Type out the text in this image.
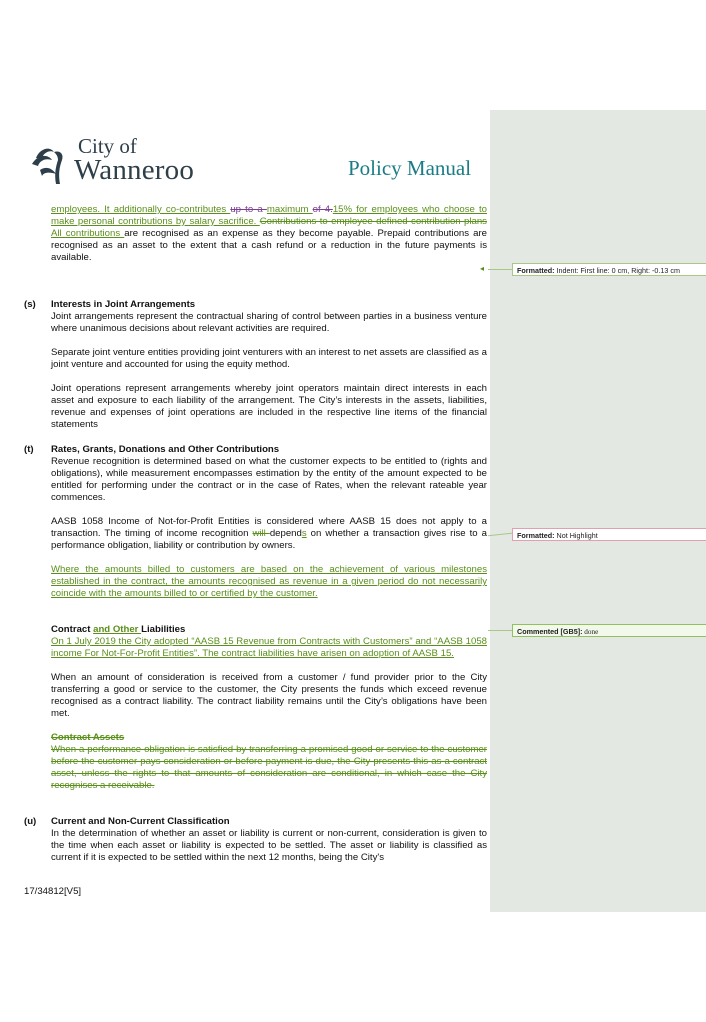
City of
Wanneroo	Policy Manual

employees. It additionally co-contributes up to a maximum of 4.15% for employees who choose to make personal contributions by salary sacrifice. Contributions to employee defined contribution plans All contributions are recognised as an expense as they become payable. Prepaid contributions are recognised as an asset to the extent that a cash refund or a reduction in the future payments is available.

(s) Interests in Joint Arrangements

Joint arrangements represent the contractual sharing of control between parties in a business venture where unanimous decisions about relevant activities are required.

Separate joint venture entities providing joint venturers with an interest to net assets are classified as a joint venture and accounted for using the equity method.

Joint operations represent arrangements whereby joint operators maintain direct interests in each asset and exposure to each liability of the arrangement. The City’s interests in the assets, liabilities, revenue and expenses of joint operations are included in the respective line items of the financial statements

(t) Rates, Grants, Donations and Other Contributions

Revenue recognition is determined based on what the customer expects to be entitled to (rights and obligations), while measurement encompasses estimation by the entity of the amount expected to be entitled for performing under the contract or in the case of Rates, when the relevant rateable year commences.

AASB 1058 Income of Not-for-Profit Entities is considered where AASB 15 does not apply to a transaction. The timing of income recognition will depends on whether a transaction gives rise to a performance obligation, liability or contribution by owners.

Where the amounts billed to customers are based on the achievement of various milestones established in the contract, the amounts recognised as revenue in a given period do not necessarily coincide with the amounts billed to or certified by the customer.

Contract and Other Liabilities

On 1 July 2019 the City adopted “AASB 15 Revenue from Contracts with Customers” and “AASB 1058 income For Not-For-Profit Entities”. The contract liabilities have arisen on adoption of AASB 15.

When an amount of consideration is received from a customer / fund provider prior to the City transferring a good or service to the customer, the City presents the funds which exceed revenue recognised as a contract liability. The contract liability remains until the City’s obligations have been met.

Contract Assets

When a performance obligation is satisfied by transferring a promised good or service to the customer before the customer pays consideration or before payment is due, the City presents this as a contract asset, unless the rights to that amounts of consideration are conditional, in which case the City recognises a receivable.

(u) Current and Non-Current Classification

In the determination of whether an asset or liability is current or non-current, consideration is given to the time when each asset or liability is expected to be settled. The asset or liability is classified as current if it is expected to be settled within the next 12 months, being the City's

◂	Formatted: Indent: First line: 0 cm, Right: -0.13 cm
Formatted: Not Highlight
Commented [GB5]: done
17/34812[V5]
